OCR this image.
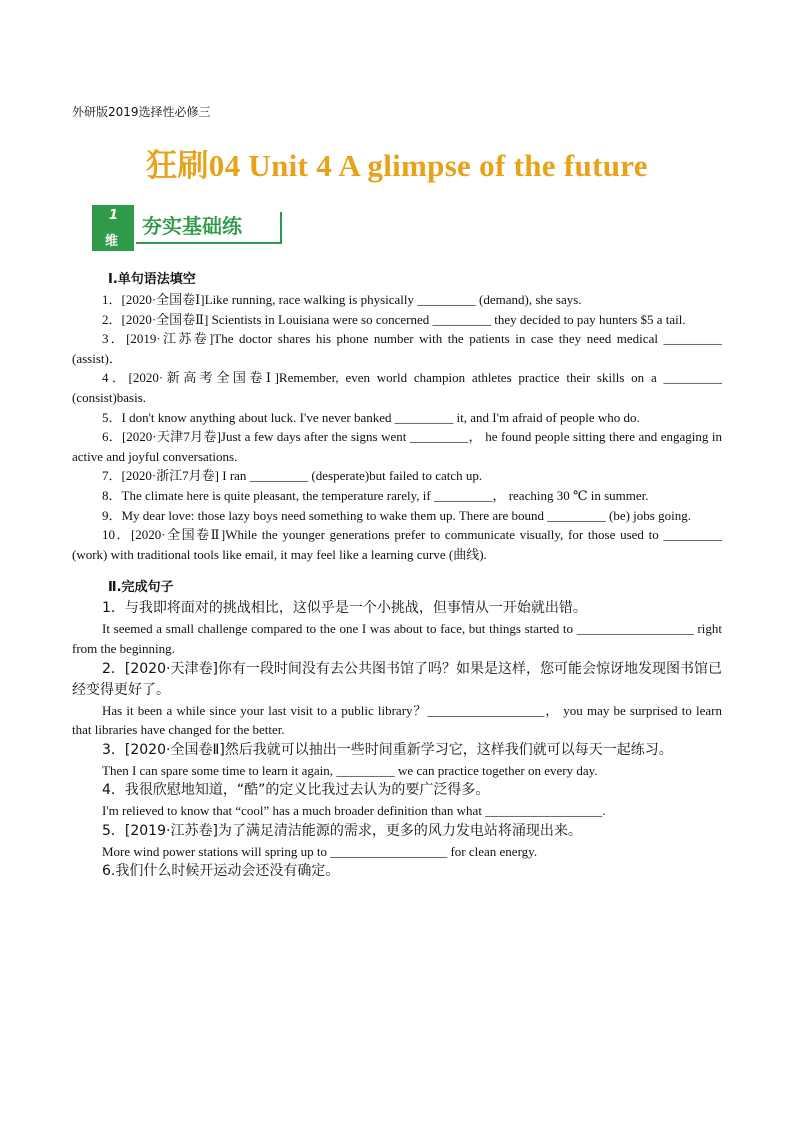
外研版2019选择性必修三
狂刷04 Unit 4 A glimpse of the future
1
维
夯实基础练
Ⅰ.单句语法填空

1．[2020·全国卷Ⅰ]Like running, race walking is physically _________ (demand), she says.

2．[2020·全国卷Ⅱ] Scientists in Louisiana were so concerned _________ they decided to pay hunters $5 a tail.

3．[2019·江苏卷]The doctor shares his phone number with the patients in case they need medical _________ (assist)．

4．[2020·新高考全国卷Ⅰ]Remember, even world champion athletes practice their skills on a _________ (consist)basis.

5．I don't know anything about luck. I've never banked _________ it, and I'm afraid of people who do.

6．[2020·天津7月卷]Just a few days after the signs went _________， he found people sitting there and engaging in active and joyful conversations.

7．[2020·浙江7月卷] I ran _________ (desperate)but failed to catch up.

8．The climate here is quite pleasant, the temperature rarely, if _________， reaching 30 ℃ in summer.

9．My dear love: those lazy boys need something to wake them up. There are bound _________ (be) jobs going.

10．[2020·全国卷Ⅱ]While the younger generations prefer to communicate visually, for those used to _________ (work) with traditional tools like email, it may feel like a learning curve (曲线).

Ⅱ.完成句子

1．与我即将面对的挑战相比，这似乎是一个小挑战，但事情从一开始就出错。

It seemed a small challenge compared to the one I was about to face, but things started to __________________ right from the beginning.

2．[2020·天津卷]你有一段时间没有去公共图书馆了吗？如果是这样，您可能会惊讶地发现图书馆已经变得更好了。

Has it been a while since your last visit to a public library？__________________， you may be surprised to learn that libraries have changed for the better.

3．[2020·全国卷Ⅱ]然后我就可以抽出一些时间重新学习它，这样我们就可以每天一起练习。

Then I can spare some time to learn it again, _________ we can practice together on every day.

4．我很欣慰地知道，“酷”的定义比我过去认为的要广泛得多。

I'm relieved to know that “cool” has a much broader definition than what __________________.

5．[2019·江苏卷]为了满足清洁能源的需求，更多的风力发电站将涌现出来。

More wind power stations will spring up to __________________ for clean energy.

6.我们什么时候开运动会还没有确定。
